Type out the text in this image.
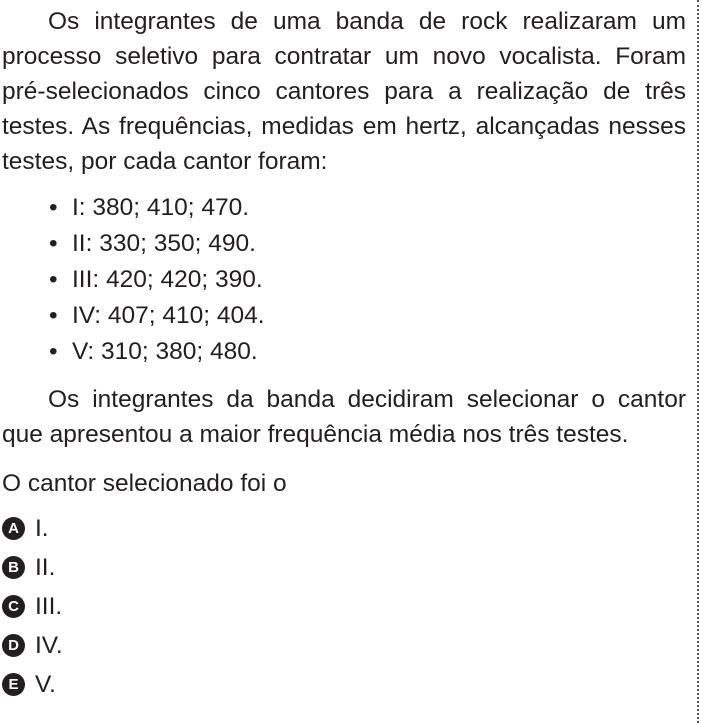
Os integrantes de uma banda de rock realizaram um processo seletivo para contratar um novo vocalista. Foram pré-selecionados cinco cantores para a realização de três testes. As frequências, medidas em hertz, alcançadas nesses testes, por cada cantor foram:

• I: 380; 410; 470.
• II: 330; 350; 490.
• III: 420; 420; 390.
• IV: 407; 410; 404.
• V: 310; 380; 480.

Os integrantes da banda decidiram selecionar o cantor que apresentou a maior frequência média nos três testes.

O cantor selecionado foi o

A I.
B II.
C III.
D IV.
E V.
